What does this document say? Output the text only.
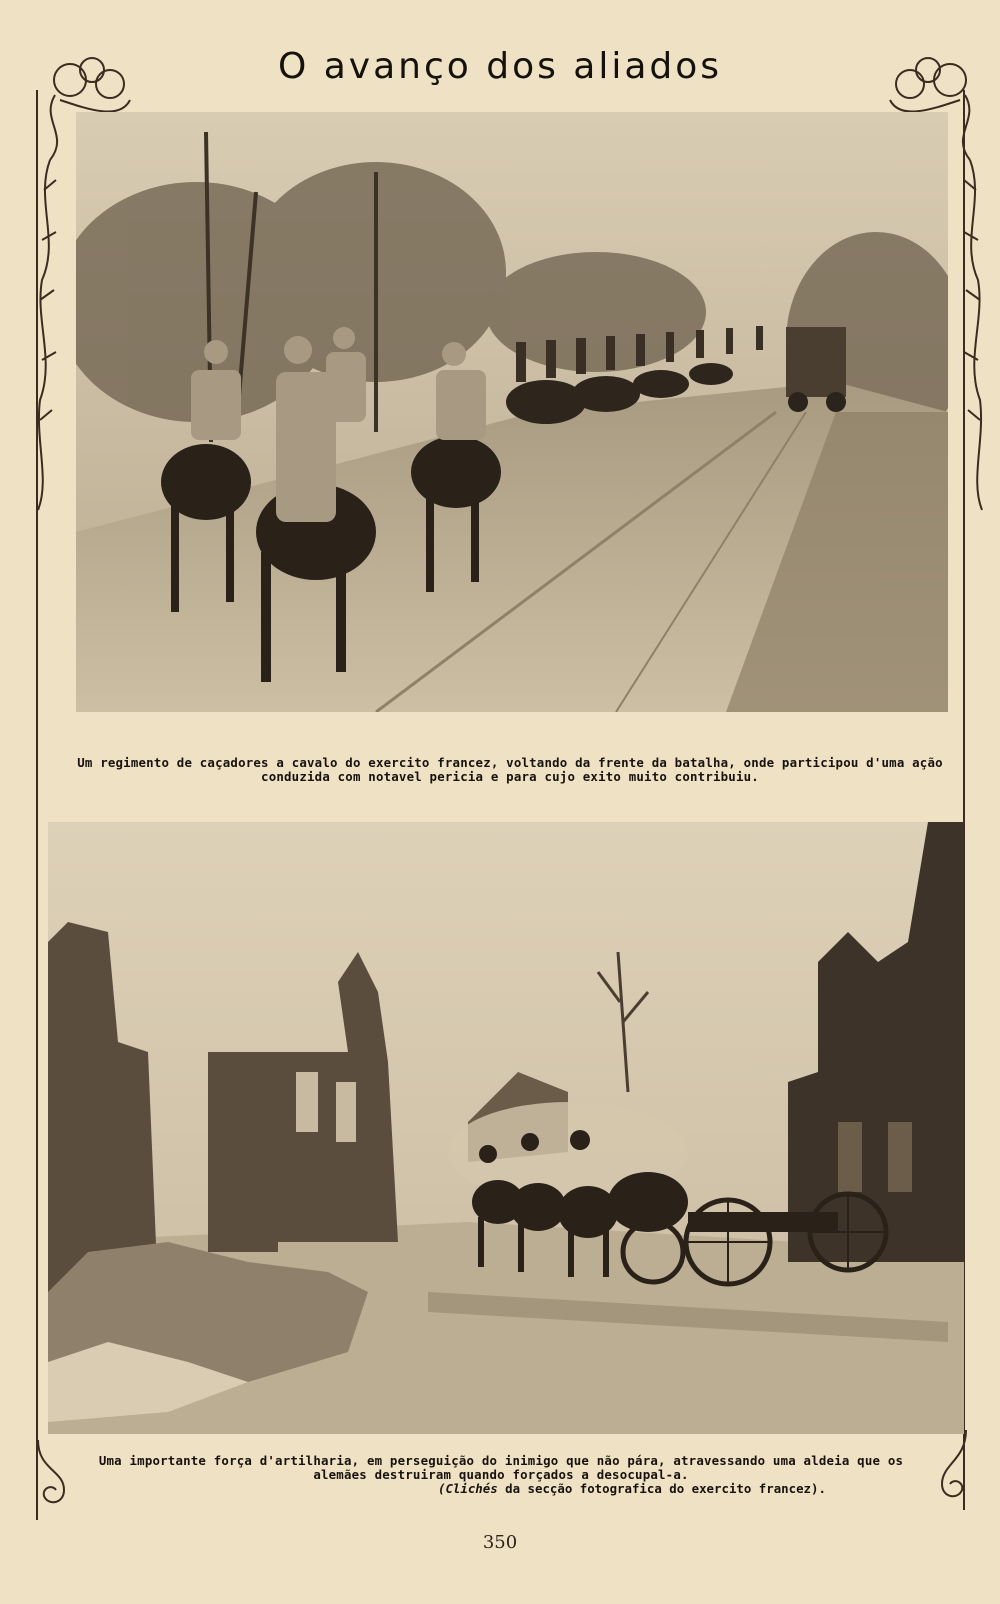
O avanço dos aliados
Um regimento de caçadores a cavalo do exercito francez, voltando da frente da batalha, onde participou d'uma ação conduzida com notavel pericia e para cujo exito muito contribuiu.
Uma importante força d'artilharia, em perseguição do inimigo que não pára, atravessando uma aldeia que os alemães destruiram quando forçados a desocupal-a.
(Clichés da secção fotografica do exercito francez).
350
